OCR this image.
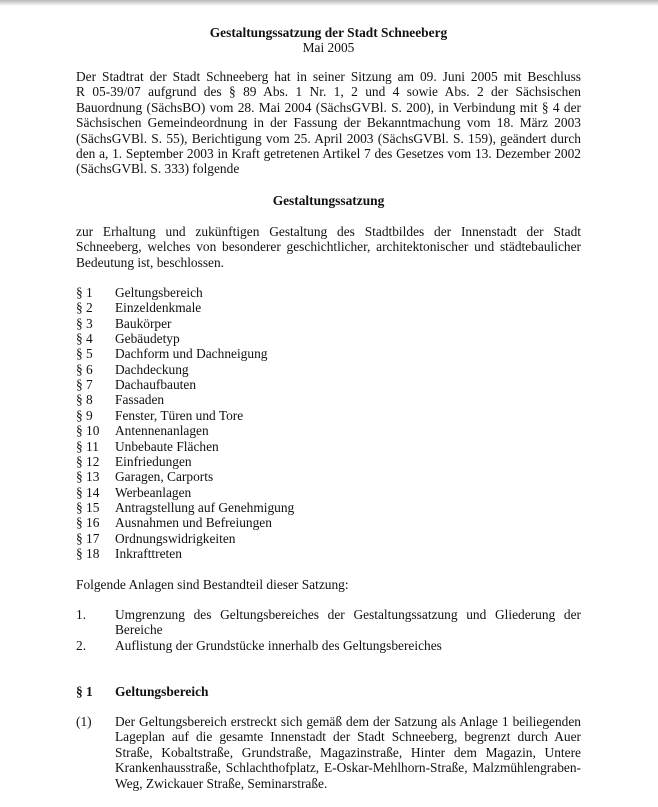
Gestaltungssatzung der Stadt Schneeberg
Mai 2005
Der Stadtrat der Stadt Schneeberg hat in seiner Sitzung am 09. Juni 2005 mit Beschluss
R 05-39/07 aufgrund des § 89 Abs. 1 Nr. 1, 2 und 4 sowie Abs. 2 der Sächsischen
Bauordnung (SächsBO) vom 28. Mai 2004 (SächsGVBl. S. 200), in Verbindung mit § 4 der
Sächsischen Gemeindeordnung in der Fassung der Bekanntmachung vom 18. März 2003
(SächsGVBl. S. 55), Berichtigung vom 25. April 2003 (SächsGVBl. S. 159), geändert durch
den a, 1. September 2003 in Kraft getretenen Artikel 7 des Gesetzes vom 13. Dezember 2002
(SächsGVBl. S. 333) folgende
Gestaltungssatzung
zur Erhaltung und zukünftigen Gestaltung des Stadtbildes der Innenstadt der Stadt
Schneeberg, welches von besonderer geschichtlicher, architektonischer und städtebaulicher
Bedeutung ist, beschlossen.
§ 1	Geltungsbereich
§ 2	Einzeldenkmale
§ 3	Baukörper
§ 4	Gebäudetyp
§ 5	Dachform und Dachneigung
§ 6	Dachdeckung
§ 7	Dachaufbauten
§ 8	Fassaden
§ 9	Fenster, Türen und Tore
§ 10	Antennenanlagen
§ 11	Unbebaute Flächen
§ 12	Einfriedungen
§ 13	Garagen, Carports
§ 14	Werbeanlagen
§ 15	Antragstellung auf Genehmigung
§ 16	Ausnahmen und Befreiungen
§ 17	Ordnungswidrigkeiten
§ 18	Inkrafttreten
Folgende Anlagen sind Bestandteil dieser Satzung:
1. Umgrenzung des Geltungsbereiches der Gestaltungssatzung und Gliederung der
Bereiche
2. Auflistung der Grundstücke innerhalb des Geltungsbereiches
§ 1 Geltungsbereich
(1) Der Geltungsbereich erstreckt sich gemäß dem der Satzung als Anlage 1 beiliegenden
Lageplan auf die gesamte Innenstadt der Stadt Schneeberg, begrenzt durch Auer
Straße, Kobaltstraße, Grundstraße, Magazinstraße, Hinter dem Magazin, Untere
Krankenhausstraße, Schlachthofplatz, E-Oskar-Mehlhorn-Straße, Malzmühlengraben-
Weg, Zwickauer Straße, Seminarstraße.
